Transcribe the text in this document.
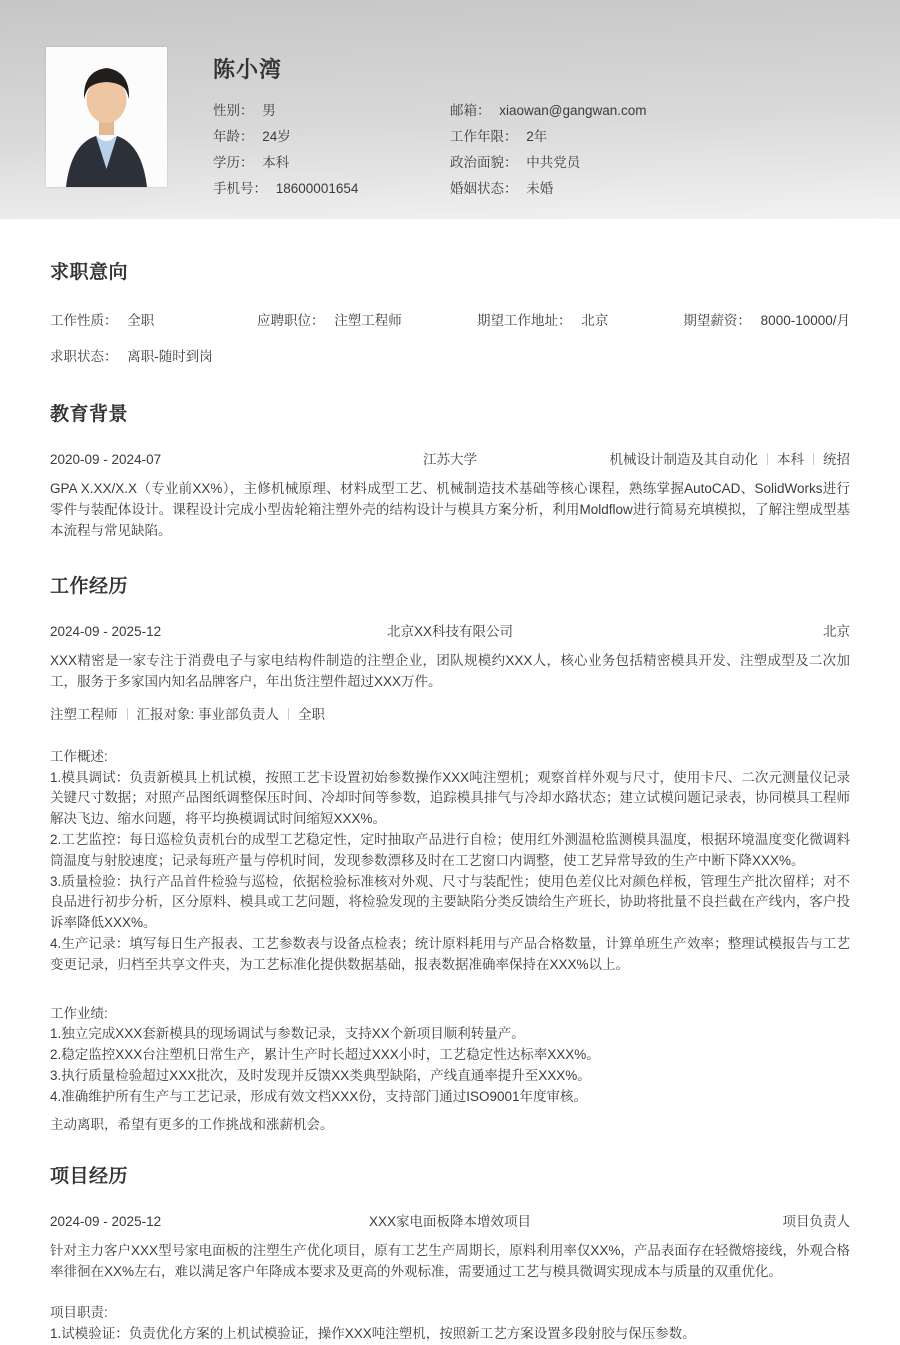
陈小湾
性别： 男
年龄： 24岁
学历： 本科
手机号： 18600001654
邮箱： xiaowan@gangwan.com
工作年限： 2年
政治面貌： 中共党员
婚姻状态： 未婚
求职意向
工作性质： 全职	应聘职位： 注塑工程师	期望工作地址： 北京	期望薪资： 8000-10000/月
求职状态： 离职-随时到岗
教育背景
2020-09 - 2024-07	江苏大学	机械设计制造及其自动化 本科 统招

GPA X.XX/X.X（专业前XX%），主修机械原理、材料成型工艺、机械制造技术基础等核心课程，熟练掌握AutoCAD、SolidWorks进行零件与装配体设计。课程设计完成小型齿轮箱注塑外壳的结构设计与模具方案分析，利用Moldflow进行简易充填模拟，了解注塑成型基本流程与常见缺陷。

工作经历
2024-09 - 2025-12	北京XX科技有限公司	北京

XXX精密是一家专注于消费电子与家电结构件制造的注塑企业，团队规模约XXX人，核心业务包括精密模具开发、注塑成型及二次加工，服务于多家国内知名品牌客户，年出货注塑件超过XXX万件。

注塑工程师 汇报对象: 事业部负责人 全职
工作概述:
1.模具调试：负责新模具上机试模，按照工艺卡设置初始参数操作XXX吨注塑机；观察首样外观与尺寸，使用卡尺、二次元测量仪记录关键尺寸数据；对照产品图纸调整保压时间、冷却时间等参数，追踪模具排气与冷却水路状态；建立试模问题记录表，协同模具工程师解决飞边、缩水问题，将平均换模调试时间缩短XXX%。
2.工艺监控：每日巡检负责机台的成型工艺稳定性，定时抽取产品进行自检；使用红外测温枪监测模具温度，根据环境温度变化微调料筒温度与射胶速度；记录每班产量与停机时间，发现参数漂移及时在工艺窗口内调整，使工艺异常导致的生产中断下降XXX%。
3.质量检验：执行产品首件检验与巡检，依据检验标准核对外观、尺寸与装配性；使用色差仪比对颜色样板，管理生产批次留样；对不良品进行初步分析，区分原料、模具或工艺问题，将检验发现的主要缺陷分类反馈给生产班长，协助将批量不良拦截在产线内，客户投诉率降低XXX%。
4.生产记录：填写每日生产报表、工艺参数表与设备点检表；统计原料耗用与产品合格数量，计算单班生产效率；整理试模报告与工艺变更记录，归档至共享文件夹，为工艺标准化提供数据基础，报表数据准确率保持在XXX%以上。
工作业绩:
1.独立完成XXX套新模具的现场调试与参数记录，支持XX个新项目顺利转量产。
2.稳定监控XXX台注塑机日常生产，累计生产时长超过XXX小时，工艺稳定性达标率XXX%。
3.执行质量检验超过XXX批次，及时发现并反馈XX类典型缺陷，产线直通率提升至XXX%。
4.准确维护所有生产与工艺记录，形成有效文档XXX份，支持部门通过ISO9001年度审核。
主动离职，希望有更多的工作挑战和涨薪机会。
项目经历
2024-09 - 2025-12	XXX家电面板降本增效项目	项目负责人

针对主力客户XXX型号家电面板的注塑生产优化项目，原有工艺生产周期长，原料利用率仅XX%，产品表面存在轻微熔接线，外观合格率徘徊在XX%左右，难以满足客户年降成本要求及更高的外观标准，需要通过工艺与模具微调实现成本与质量的双重优化。

项目职责:
1.试模验证：负责优化方案的上机试模验证，操作XXX吨注塑机，按照新工艺方案设置多段射胶与保压参数。
